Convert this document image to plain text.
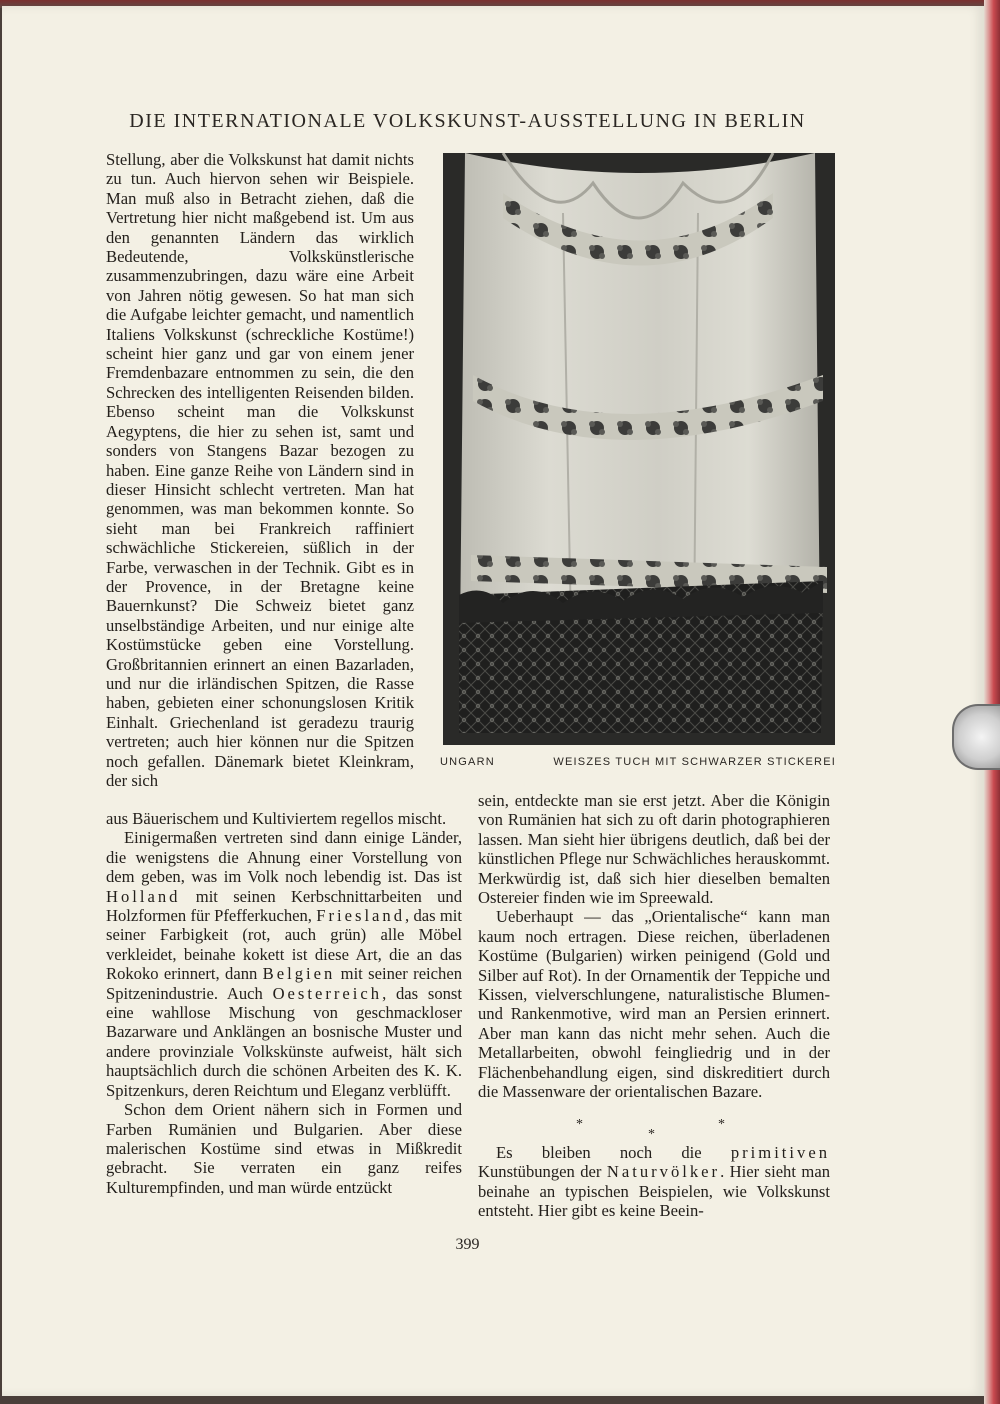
DIE INTERNATIONALE VOLKSKUNST-AUSSTELLUNG IN BERLIN

Stellung, aber die Volkskunst hat damit nichts zu tun. Auch hiervon sehen wir Beispiele. Man muß also in Betracht ziehen, daß die Vertretung hier nicht maßgebend ist. Um aus den genannten Ländern das wirklich Bedeutende, Volkskünstlerische zusammenzubringen, dazu wäre eine Arbeit von Jahren nötig gewesen. So hat man sich die Aufgabe leichter gemacht, und namentlich Italiens Volkskunst (schreckliche Kostüme!) scheint hier ganz und gar von einem jener Fremdenbazare entnommen zu sein, die den Schrecken des intelligenten Reisenden bilden. Ebenso scheint man die Volkskunst Aegyptens, die hier zu sehen ist, samt und sonders von Stangens Bazar bezogen zu haben. Eine ganze Reihe von Ländern sind in dieser Hinsicht schlecht vertreten. Man hat genommen, was man bekommen konnte. So sieht man bei Frankreich raffiniert schwächliche Stickereien, süßlich in der Farbe, verwaschen in der Technik. Gibt es in der Provence, in der Bretagne keine Bauernkunst? Die Schweiz bietet ganz unselbständige Arbeiten, und nur einige alte Kostümstücke geben eine Vorstellung. Großbritannien erinnert an einen Bazarladen, und nur die irländischen Spitzen, die Rasse haben, gebieten einer schonungslosen Kritik Einhalt. Griechenland ist geradezu traurig vertreten; auch hier können nur die Spitzen noch gefallen. Dänemark bietet Kleinkram, der sich

UNGARN	WEISZES TUCH MIT SCHWARZER STICKEREI

aus Bäuerischem und Kultiviertem regellos mischt.

Einigermaßen vertreten sind dann einige Länder, die wenigstens die Ahnung einer Vorstellung von dem geben, was im Volk noch lebendig ist. Das ist Holland mit seinen Kerbschnittarbeiten und Holzformen für Pfefferkuchen, Friesland, das mit seiner Farbigkeit (rot, auch grün) alle Möbel verkleidet, beinahe kokett ist diese Art, die an das Rokoko erinnert, dann Belgien mit seiner reichen Spitzenindustrie. Auch Oesterreich, das sonst eine wahllose Mischung von geschmackloser Bazarware und Anklängen an bosnische Muster und andere provinziale Volkskünste aufweist, hält sich hauptsächlich durch die schönen Arbeiten des K. K. Spitzenkurs, deren Reichtum und Eleganz verblüfft.

Schon dem Orient nähern sich in Formen und Farben Rumänien und Bulgarien. Aber diese malerischen Kostüme sind etwas in Mißkredit gebracht. Sie verraten ein ganz reifes Kulturempfinden, und man würde entzückt

sein, entdeckte man sie erst jetzt. Aber die Königin von Rumänien hat sich zu oft darin photographieren lassen. Man sieht hier übrigens deutlich, daß bei der künstlichen Pflege nur Schwächliches herauskommt. Merkwürdig ist, daß sich hier dieselben bemalten Ostereier finden wie im Spreewald.

Ueberhaupt — das „Orientalische“ kann man kaum noch ertragen. Diese reichen, überladenen Kostüme (Bulgarien) wirken peinigend (Gold und Silber auf Rot). In der Ornamentik der Teppiche und Kissen, vielverschlungene, naturalistische Blumen- und Rankenmotive, wird man an Persien erinnert. Aber man kann das nicht mehr sehen. Auch die Metallarbeiten, obwohl feingliedrig und in der Flächenbehandlung eigen, sind diskreditiert durch die Massenware der orientalischen Bazare.

*
*
*

Es bleiben noch die primitiven Kunstübungen der Naturvölker. Hier sieht man beinahe an typischen Beispielen, wie Volkskunst entsteht. Hier gibt es keine Beein-

399
